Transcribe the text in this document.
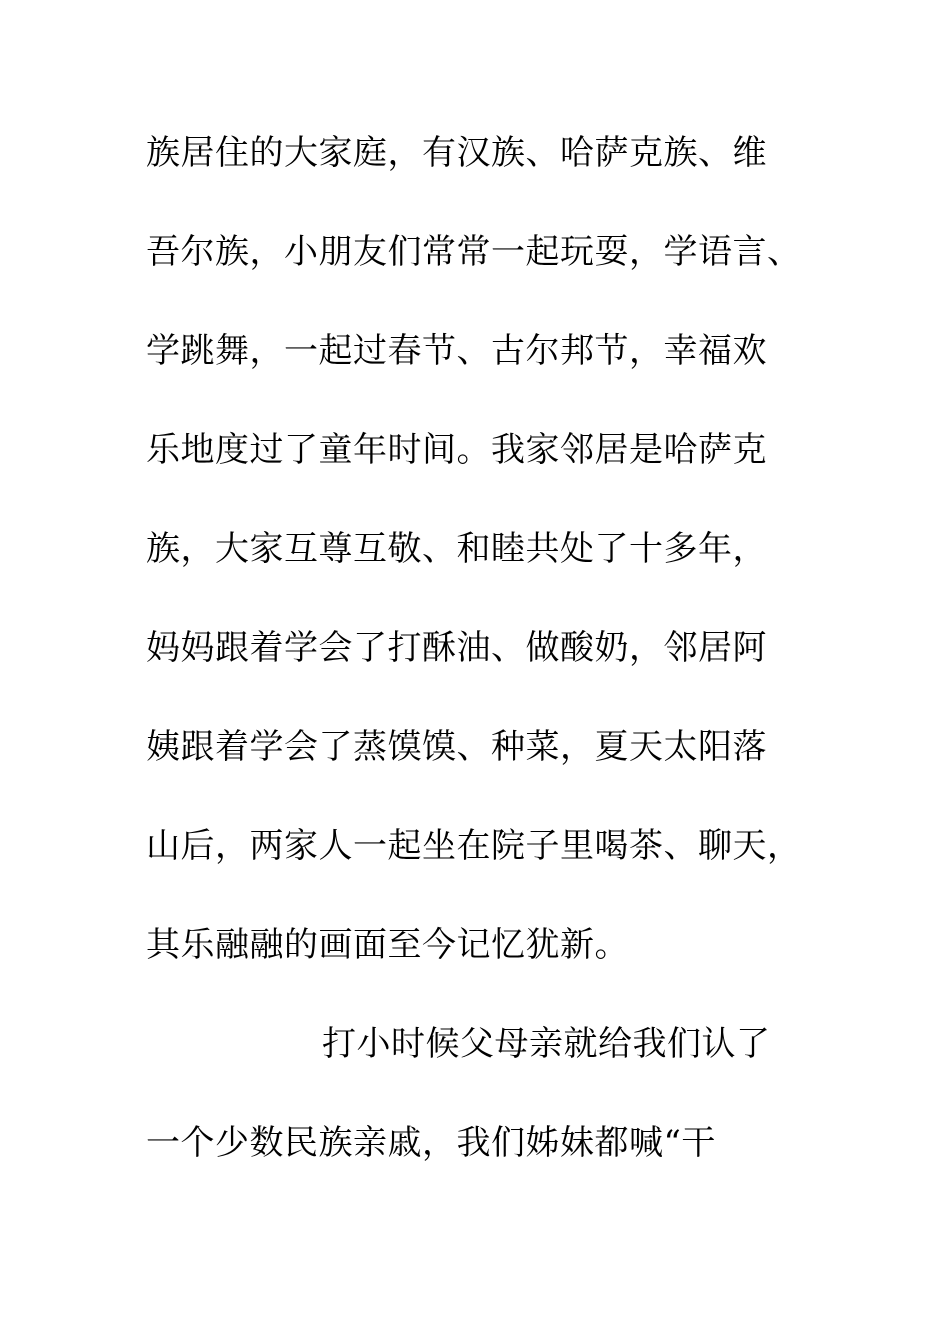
族居住的大家庭，有汉族、哈萨克族、维
吾尔族，小朋友们常常一起玩耍，学语言、
学跳舞，一起过春节、古尔邦节，幸福欢
乐地度过了童年时间。我家邻居是哈萨克
族，大家互尊互敬、和睦共处了十多年，
妈妈跟着学会了打酥油、做酸奶，邻居阿
姨跟着学会了蒸馍馍、种菜，夏天太阳落
山后，两家人一起坐在院子里喝茶、聊天，
其乐融融的画面至今记忆犹新。
打小时候父母亲就给我们认了
一个少数民族亲戚，我们姊妹都喊“干
